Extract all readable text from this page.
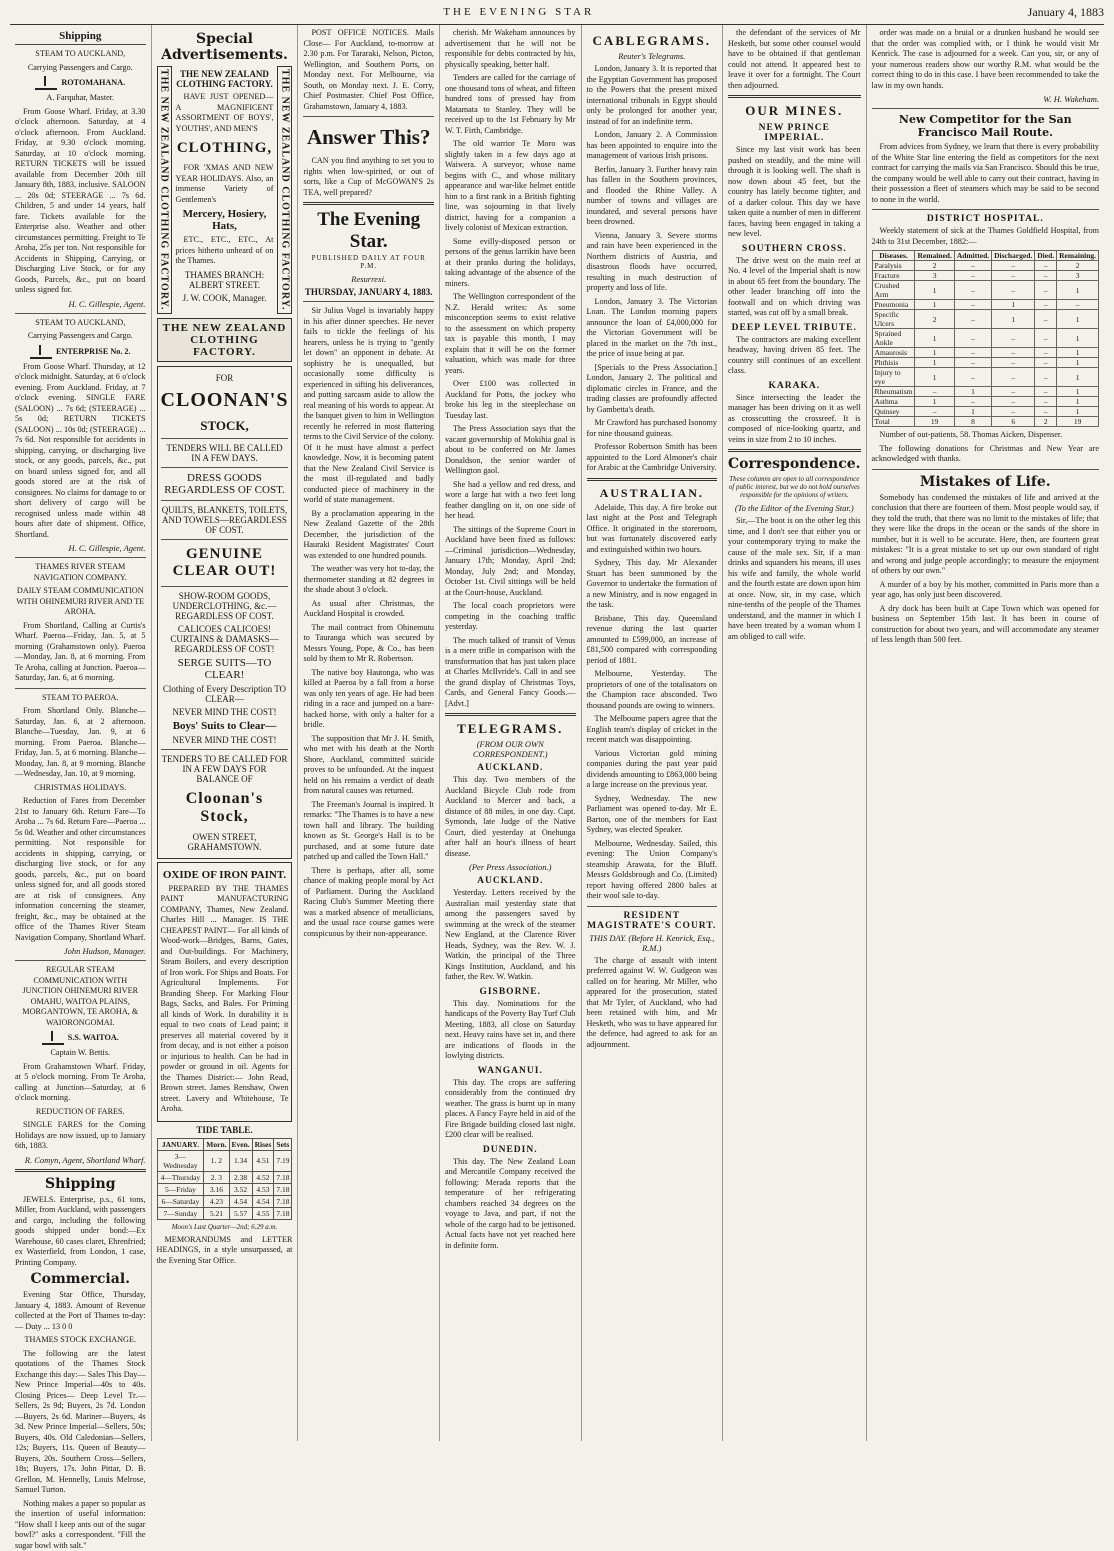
THE EVENING STAR	January 4, 1883
Shipping

STEAM TO AUCKLAND,

Carrying Passengers and Cargo.

ROTOMAHANA.

A. Farquhar, Master.

From Goose Wharf. Friday, at 3.30 o'clock afternoon. Saturday, at 4 o'clock afternoon. From Auckland. Friday, at 9.30 o'clock morning. Saturday, at 10 o'clock morning. RETURN TICKETS will be issued available from December 20th till January 8th, 1883, inclusive. SALOON ... 20s 0d; STEERAGE ... 7s 6d. Children, 5 and under 14 years, half fare. Tickets available for the Enterprise also. Weather and other circumstances permitting. Freight to Te Aroha, 25s per ton. Not responsible for Accidents in Shipping, Carrying, or Discharging Live Stock, or for any Goods, Parcels, &c., put on board unless signed for.

H. C. Gillespie, Agent.

STEAM TO AUCKLAND,

Carrying Passengers and Cargo.

ENTERPRISE No. 2.

From Goose Wharf. Thursday, at 12 o'clock midnight. Saturday, at 6 o'clock evening. From Auckland. Friday, at 7 o'clock evening. SINGLE FARE (SALOON) ... 7s 6d; (STEERAGE) ... 5s 0d; RETURN TICKETS (SALOON) ... 10s 0d; (STEERAGE) ... 7s 6d. Not responsible for accidents in shipping, carrying, or discharging live stock, or any goods, parcels, &c., put on board unless signed for, and all goods stored are at the risk of consignees. No claims for damage to or short delivery of cargo will be recognised unless made within 48 hours after date of shipment. Office, Shortland.

H. C. Gillespie, Agent.

THAMES RIVER STEAM NAVIGATION COMPANY.

DAILY STEAM COMMUNICATION WITH OHINEMURI RIVER AND TE AROHA.

From Shortland, Calling at Curtis's Wharf. Paeroa—Friday, Jan. 5, at 5 morning (Grahamstown only). Paeroa—Monday, Jan. 8, at 6 morning. From Te Aroha, calling at Junction. Paeroa—Saturday, Jan. 6, at 6 morning.

STEAM TO PAEROA.

From Shortland Only. Blanche—Saturday, Jan. 6, at 2 afternoon. Blanche—Tuesday, Jan. 9, at 6 morning. From Paeroa. Blanche—Friday, Jan. 5, at 6 morning. Blanche—Monday, Jan. 8, at 9 morning. Blanche—Wednesday, Jan. 10, at 9 morning.

CHRISTMAS HOLIDAYS.

Reduction of Fares from December 21st to January 6th. Return Fare—To Aroha ... 7s 6d. Return Fare—Paeroa ... 5s 0d. Weather and other circumstances permitting. Not responsible for accidents in shipping, carrying, or discharging live stock, or for any goods, parcels, &c., put on board unless signed for, and all goods stored are at risk of consignees. Any information concerning the steamer, freight, &c., may be obtained at the office of the Thames River Steam Navigation Company, Shortland Wharf.

John Hudson, Manager.

REGULAR STEAM COMMUNICATION WITH JUNCTION OHINEMURI RIVER OMAHU, WAITOA PLAINS, MORGANTOWN, TE AROHA, & WAIORONGOMAI.

S.S. WAITOA.

Captain W. Bettis.

From Grahamstown Wharf. Friday, at 5 o'clock morning. From Te Aroha, calling at Junction—Saturday, at 6 o'clock morning.

REDUCTION OF FARES.

SINGLE FARES for the Coming Holidays are now issued, up to January 6th, 1883.

R. Comyn, Agent, Shortland Wharf.
Shipping

JEWELS. Enterprise, p.s., 61 tons, Miller, from Auckland, with passengers and cargo, including the following goods shipped under bond:—Ex Warehouse, 60 cases claret, Ehrenfried; ex Wasterfield, from London, 1 case, Printing Company.

Commercial.

Evening Star Office, Thursday, January 4, 1883. Amount of Revenue collected at the Port of Thames to-day:— Duty ... 13 0 0

THAMES STOCK EXCHANGE.

The following are the latest quotations of the Thames Stock Exchange this day:— Sales This Day— New Prince Imperial—40s to 40s. Closing Prices— Deep Level Tr.—Sellers, 2s 9d; Buyers, 2s 7d. London—Buyers, 2s 6d. Mariner—Buyers, 4s 3d. New Prince Imperial—Sellers, 50s; Buyers, 40s. Old Caledonian—Sellers, 12s; Buyers, 11s. Queen of Beauty—Buyers, 20s. Southern Cross—Sellers, 18s; Buyers, 17s. John Pittar, D. B. Grellon, M. Hennelly, Louis Melrose, Samuel Turton.

Nothing makes a paper so popular as the insertion of useful information: "How shall I keep ants out of the sugar bowl?" asks a correspondent. "Fill the sugar bowl with salt."

Special Advertisements.
THE NEW ZEALAND CLOTHING FACTORY.	THE NEW ZEALAND CLOTHING FACTORY.

HAVE JUST OPENED—A MAGNIFICENT ASSORTMENT OF BOYS', YOUTHS', AND MEN'S

CLOTHING,

FOR 'XMAS AND NEW YEAR HOLIDAYS. Also, an immense Variety of Gentlemen's

Mercery, Hosiery, Hats,

ETC., ETC., ETC., At prices hitherto unheard of on the Thames.

THAMES BRANCH: ALBERT STREET.
J. W. COOK, Manager.	THE NEW ZEALAND CLOTHING FACTORY.
THE NEW ZEALAND CLOTHING FACTORY.
FOR
CLOONAN'S
STOCK,
TENDERS WILL BE CALLED IN A FEW DAYS.
DRESS GOODS REGARDLESS OF COST.
QUILTS, BLANKETS, TOILETS, AND TOWELS—REGARDLESS OF COST.
GENUINE CLEAR OUT!
SHOW-ROOM GOODS, UNDERCLOTHING, &c.—REGARDLESS OF COST.
CALICOES CALICOES! CURTAINS & DAMASKS—REGARDLESS OF COST!
SERGE SUITS—TO CLEAR!
Clothing of Every Description TO CLEAR—
NEVER MIND THE COST!
Boys' Suits to Clear—
NEVER MIND THE COST!
TENDERS TO BE CALLED FOR IN A FEW DAYS FOR BALANCE OF
Cloonan's Stock,
OWEN STREET, GRAHAMSTOWN.
OXIDE OF IRON PAINT.

PREPARED BY THE THAMES PAINT MANUFACTURING COMPANY, Thames, New Zealand. Charles Hill ... Manager. IS THE CHEAPEST PAINT— For all kinds of Wood-work—Bridges, Barns, Gates, and Out-buildings. For Machinery, Steam Boilers, and every description of Iron work. For Ships and Boats. For Agricultural Implements. For Branding Sheep. For Marking Flour Bags, Sacks, and Bales. For Priming all kinds of Work. In durability it is equal to two coats of Lead paint; it preserves all material covered by it from decay, and is not either a poison or injurious to health. Can be had in powder or ground in oil. Agents for the Thames District:— John Read, Brown street. James Renshaw, Owen street. Lavery and Whitehouse, Te Aroha.

TIDE TABLE.
JANUARY.	Morn.	Even.	Rises	Sets
3—Wednesday	1. 2	1.34	4.51	7.19
4—Thursday	2. 3	2.38	4.52	7.18
5—Friday	3.16	3.52	4.53	7.18
6—Saturday	4.23	4.54	4.54	7.18
7—Sunday	5.21	5.57	4.55	7.18
Moon's Last Quarter—2nd; 6.29 a.m.

MEMORANDUMS and LETTER HEADINGS, in a style unsurpassed, at the Evening Star Office.

POST OFFICE NOTICES. Mails Close— For Auckland, to-morrow at 2.30 p.m. For Tararaki, Nelson, Picton, Wellington, and Southern Ports, on Monday next. For Melbourne, via South, on Monday next. J. E. Corry, Chief Postmaster. Chief Post Office, Grahamstown, January 4, 1883.

Answer This?

CAN you find anything to set you to rights when low-spirited, or out of sorts, like a Cup of McGOWAN'S 2s TEA, well prepared?

The Evening Star.
PUBLISHED DAILY AT FOUR P.M.
Resurrexi.
THURSDAY, JANUARY 4, 1883.

Sir Julius Vogel is invariably happy in his after dinner speeches. He never fails to tickle the feelings of his hearers, unless he is trying to "gently let down" an opponent in debate. At sophistry he is unequalled, but occasionally some difficulty is experienced in sifting his deliverances, and putting sarcasm aside to allow the real meaning of his words to appear. At the banquet given to him in Wellington recently he referred in most flattering terms to the Civil Service of the colony. Of it he must have almost a perfect knowledge. Now, it is becoming patent that the New Zealand Civil Service is the most ill-regulated and badly conducted piece of machinery in the world of state management.

By a proclamation appearing in the New Zealand Gazette of the 28th December, the jurisdiction of the Hauraki Resident Magistrates' Court was extended to one hundred pounds.

The weather was very hot to-day, the thermometer standing at 82 degrees in the shade about 3 o'clock.

As usual after Christmas, the Auckland Hospital is crowded.

The mail contract from Ohinemutu to Tauranga which was secured by Messrs Young, Pope, & Co., has been sold by them to Mr R. Robertson.

The native boy Hautonga, who was killed at Paeroa by a fall from a horse was only ten years of age. He had been riding in a race and jumped on a bare-backed horse, with only a halter for a bridle.

The supposition that Mr J. H. Smith, who met with his death at the North Shore, Auckland, committed suicide proves to be unfounded. At the inquest held on his remains a verdict of death from natural causes was returned.

The Freeman's Journal is inspired. It remarks: "The Thames is to have a new town hall and library. The building known as St. George's Hall is to be purchased, and at some future date patched up and called the Town Hall."

There is perhaps, after all, some chance of making people moral by Act of Parliament. During the Auckland Racing Club's Summer Meeting there was a marked absence of metallicians, and the usual race course games were conspicuous by their non-appearance.

cherish. Mr Wakeham announces by advertisement that he will not be responsible for debts contracted by his, physically speaking, better half.

Tenders are called for the carriage of one thousand tons of wheat, and fifteen hundred tons of pressed hay from Matamata to Stanley. They will be received up to the 1st February by Mr W. T. Firth, Cambridge.

The old warrior Te Moro was slightly taken in a few days ago at Waiwera. A surveyor, whose name begins with C., and whose military appearance and war-like helmet entitle him to a first rank in a British fighting line, was sojourning in that lively district, having for a companion a lively colonist of Mexican extraction.

Some evilly-disposed person or persons of the genus larrikin have been at their pranks during the holidays, taking advantage of the absence of the miners.

The Wellington correspondent of the N.Z. Herald writes: As some misconception seems to exist relative to the assessment on which property tax is payable this month, I may explain that it will be on the former valuation, which was made for three years.

Over £100 was collected in Auckland for Potts, the jockey who broke his leg in the steeplechase on Tuesday last.

The Press Association says that the vacant governorship of Mokihia goal is about to be conferred on Mr James Donaldson, the senior warder of Wellington gaol.

She had a yellow and red dress, and wore a large hat with a two feet long feather dangling on it, on one side of her head.

The sittings of the Supreme Court in Auckland have been fixed as follows:—Criminal jurisdiction—Wednesday, January 17th; Monday, April 2nd; Monday, July 2nd; and Monday, October 1st. Civil sittings will be held at the Court-house, Auckland.

The local coach proprietors were competing in the coaching traffic yesterday.

The much talked of transit of Venus is a mere trifle in comparison with the transformation that has just taken place at Charles McIlvride's. Call in and see the grand display of Christmas Toys, Cards, and General Fancy Goods.—[Advt.]

TELEGRAMS.
(FROM OUR OWN CORRESPONDENT.)
AUCKLAND.

This day. Two members of the Auckland Bicycle Club rode from Auckland to Mercer and back, a distance of 88 miles, in one day. Capt. Symonds, late Judge of the Native Court, died yesterday at Onehunga after half an hour's illness of heart disease.

(Per Press Association.)
AUCKLAND.

Yesterday. Letters received by the Australian mail yesterday state that among the passengers saved by swimming at the wreck of the steamer New England, at the Clarence River Heads, Sydney, was the Rev. W. J. Watkin, the principal of the Three Kings Institution, Auckland, and his father, the Rev. W. Watkin.

GISBORNE.

This day. Nominations for the handicaps of the Poverty Bay Turf Club Meeting, 1883, all close on Saturday next. Heavy rains have set in, and there are indications of floods in the lowlying districts.

WANGANUI.

This day. The crops are suffering considerably from the continued dry weather. The grass is burnt up in many places. A Fancy Fayre held in aid of the Fire Brigade building closed last night. £200 clear will be realised.

DUNEDIN.

This day. The New Zealand Loan and Mercantile Company received the following: Merada reports that the temperature of her refrigerating chambers reached 34 degrees on the voyage to Java, and part, if not the whole of the cargo had to be jettisoned. Actual facts have not yet reached here in definite form.

CABLEGRAMS.
Reuter's Telegrams.

London, January 3. It is reported that the Egyptian Government has proposed to the Powers that the present mixed international tribunals in Egypt should only be prolonged for another year, instead of for an indefinite term.

London, January 2. A Commission has been appointed to enquire into the management of various Irish prisons.

Berlin, January 3. Further heavy rain has fallen in the Southern provinces, and flooded the Rhine Valley. A number of towns and villages are inundated, and several persons have been drowned.

Vienna, January 3. Severe storms and rain have been experienced in the Northern districts of Austria, and disastrous floods have occurred, resulting in much destruction of property and loss of life.

London, January 3. The Victorian Loan. The London morning papers announce the loan of £4,000,000 for the Victorian Government will be placed in the market on the 7th inst., the price of issue being at par.

[Specials to the Press Association.] London, January 2. The political and diplomatic circles in France, and the trading classes are profoundly affected by Gambetta's death.

Mr Crawford has purchased Isonomy for nine thousand guineas.

Professor Robertson Smith has been appointed to the Lord Almoner's chair for Arabic at the Cambridge University.

AUSTRALIAN.

Adelaide, This day. A fire broke out last night at the Post and Telegraph Office. It originated in the storeroom, but was fortunately discovered early and extinguished within two hours.

Sydney, This day. Mr Alexander Stuart has been summoned by the Governor to undertake the formation of a new Ministry, and is now engaged in the task.

Brisbane, This day. Queensland revenue during the last quarter amounted to £599,000, an increase of £81,500 compared with corresponding period of 1881.

Melbourne, Yesterday. The proprietors of one of the totalisators on the Champion race absconded. Two thousand pounds are owing to winners.

The Melbourne papers agree that the English team's display of cricket in the recent match was disappointing.

Various Victorian gold mining companies during the past year paid dividends amounting to £863,000 being a large increase on the previous year.

Sydney, Wednesday. The new Parliament was opened to-day. Mr E. Barton, one of the members for East Sydney, was elected Speaker.

Melbourne, Wednesday. Sailed, this evening: The Union Company's steamship Arawata, for the Bluff. Messrs Goldsbrough and Co. (Limited) report having offered 2800 bales at their wool sale to-day.

RESIDENT MAGISTRATE'S COURT.
THIS DAY. (Before H. Kenrick, Esq., R.M.)

The charge of assault with intent preferred against W. W. Gudgeon was called on for hearing. Mr Miller, who appeared for the prosecution, stated that Mr Tyler, of Auckland, who had been retained with him, and Mr Hesketh, who was to have appeared for the defence, had agreed to ask for an adjournment.

the defendant of the services of Mr Hesketh, but some other counsel would have to be obtained if that gentleman could not attend. It appeared best to leave it over for a fortnight. The Court then adjourned.

OUR MINES.
NEW PRINCE IMPERIAL.

Since my last visit work has been pushed on steadily, and the mine will through it is looking well. The shaft is now down about 45 feet, but the country has lately become tighter, and of a darker colour. This day we have taken quite a number of men in different faces, having been engaged in taking a new level.

SOUTHERN CROSS.

The drive west on the main reef at No. 4 level of the Imperial shaft is now in about 65 feet from the boundary. The other leader branching off into the footwall and on which driving was started, was cut off by a small break.

DEEP LEVEL TRIBUTE.

The contractors are making excellent headway, having driven 85 feet. The country still continues of an excellent class.

KARAKA.

Since intersecting the leader the manager has been driving on it as well as crosscutting the crossreef. It is composed of nice-looking quartz, and veins in size from 2 to 10 inches.

Correspondence.
These columns are open to all correspondence of public interest, but we do not hold ourselves responsible for the opinions of writers.
(To the Editor of the Evening Star.)

Sir,—The boot is on the other leg this time, and I don't see that either you or your contemporary trying to make the cause of the male sex. Sir, if a man drinks and squanders his means, ill uses his wife and family, the whole world and the fourth estate are down upon him at once. Now, sir, in my case, which nine-tenths of the people of the Thames understand, and the manner in which I have been treated by a woman whom I am obliged to call wife.

order was made on a bruial or a drunken husband he would see that the order was complied with, or I think he would visit Mr Kenrick. The case is adjourned for a week. Can you, sir, or any of your numerous readers show our worthy R.M. what would be the correct thing to do in this case. I have been recommended to take the law in my own hands.

W. H. Wakeham.
New Competitor for the San Francisco Mail Route.

From advices from Sydney, we learn that there is every probability of the White Star line entering the field as competitors for the next contract for carrying the mails via San Francisco. Should this be true, the company would be well able to carry out their contract, having in their possession a fleet of steamers which may be said to be second to none in the world.

DISTRICT HOSPITAL.

Weekly statement of sick at the Thames Goldfield Hospital, from 24th to 31st December, 1882:—

Diseases.	Remained.	Admitted.	Discharged.	Died.	Remaining.
Paralysis	2	–	–	–	2
Fracture	3	–	–	–	3
Crushed Arm	1	–	–	–	1
Pneumonia	1	–	1	–	–
Specific Ulcers	2	–	1	–	1
Sprained Ankle	1	–	–	–	1
Amaurosis	1	–	–	–	1
Phthisis	1	–	–	–	1
Injury to eye	1	–	–	–	1
Rheumatism	–	1	–	–	1
Asthma	1	–	–	–	1
Quinsey	–	1	–	–	1
Total	19	8	6	2	19

Number of out-patients, 58. Thomas Aicken, Dispenser.

The following donations for Christmas and New Year are acknowledged with thanks.

Mistakes of Life.

Somebody has condensed the mistakes of life and arrived at the conclusion that there are fourteen of them. Most people would say, if they told the truth, that there was no limit to the mistakes of life; that they were like the drops in the ocean or the sands of the shore in number, but it is well to be accurate. Here, then, are fourteen great mistakes: "It is a great mistake to set up our own standard of right and wrong and judge people accordingly; to measure the enjoyment of others by our own."

A murder of a boy by his mother, committed in Paris more than a year ago, has only just been discovered.

A dry dock has been built at Cape Town which was opened for business on September 15th last. It has been in course of construction for about two years, and will accommodate any steamer of less length than 500 feet.
